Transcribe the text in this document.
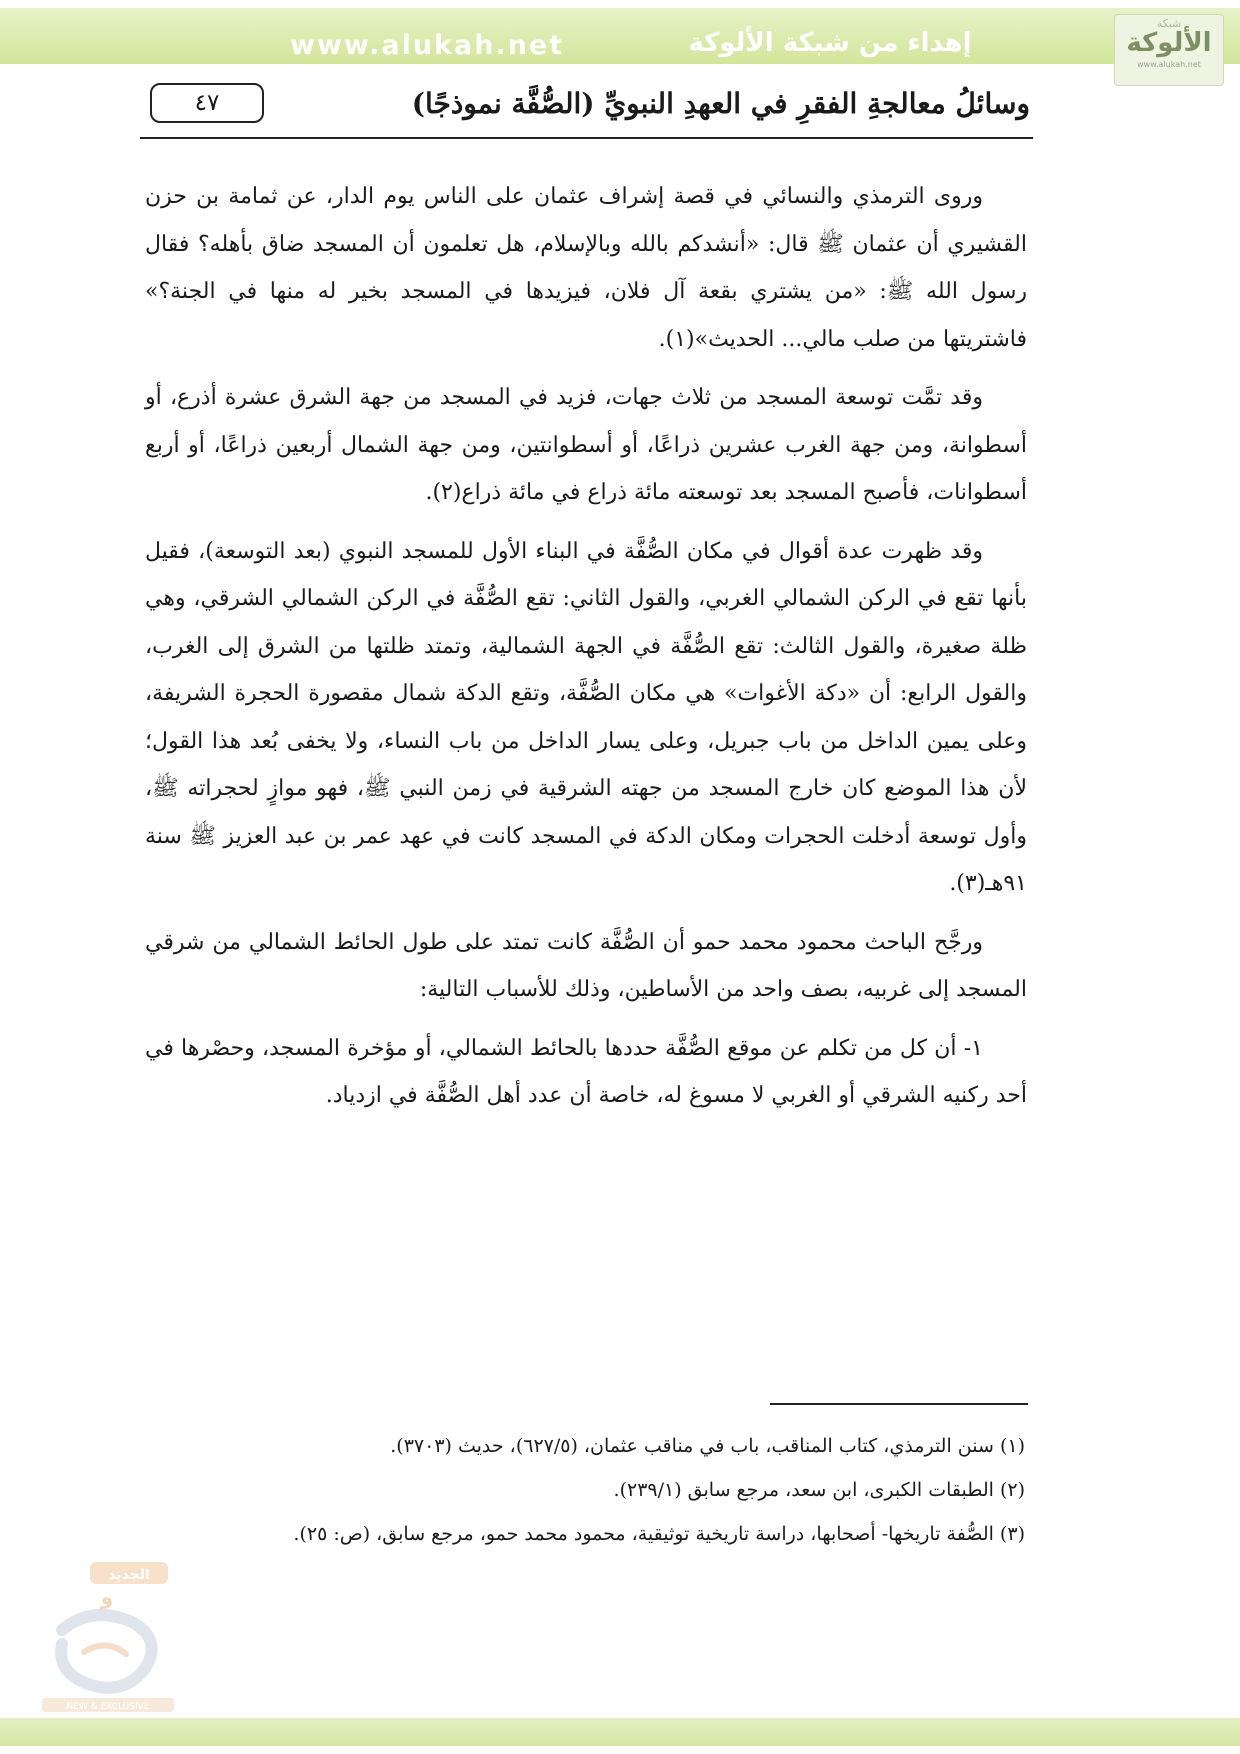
www.alukah.net	إهداء من شبكة الألوكة
شبكة
الألوكة
www.alukah.net
٤٧	وسائلُ معالجةِ الفقرِ في العهدِ النبويِّ (الصُّفَّة نموذجًا)

وروى الترمذي والنسائي في قصة إشراف عثمان على الناس يوم الدار، عن ثمامة بن حزن القشيري أن عثمان ﷺ قال: «أنشدكم بالله وبالإسلام، هل تعلمون أن المسجد ضاق بأهله؟ فقال رسول الله ﷺ: «من يشتري بقعة آل فلان، فيزيدها في المسجد بخير له منها في الجنة؟» فاشتريتها من صلب مالي... الحديث»(١).

وقد تمَّت توسعة المسجد من ثلاث جهات، فزيد في المسجد من جهة الشرق عشرة أذرع، أو أسطوانة، ومن جهة الغرب عشرين ذراعًا، أو أسطوانتين، ومن جهة الشمال أربعين ذراعًا، أو أربع أسطوانات، فأصبح المسجد بعد توسعته مائة ذراع في مائة ذراع(٢).

وقد ظهرت عدة أقوال في مكان الصُّفَّة في البناء الأول للمسجد النبوي (بعد التوسعة)، فقيل بأنها تقع في الركن الشمالي الغربي، والقول الثاني: تقع الصُّفَّة في الركن الشمالي الشرقي، وهي ظلة صغيرة، والقول الثالث: تقع الصُّفَّة في الجهة الشمالية، وتمتد ظلتها من الشرق إلى الغرب، والقول الرابع: أن «دكة الأغوات» هي مكان الصُّفَّة، وتقع الدكة شمال مقصورة الحجرة الشريفة، وعلى يمين الداخل من باب جبريل، وعلى يسار الداخل من باب النساء، ولا يخفى بُعد هذا القول؛ لأن هذا الموضع كان خارج المسجد من جهته الشرقية في زمن النبي ﷺ، فهو موازٍ لحجراته ﷺ، وأول توسعة أدخلت الحجرات ومكان الدكة في المسجد كانت في عهد عمر بن عبد العزيز ﷺ سنة ٩١هـ(٣).

ورجَّح الباحث محمود محمد حمو أن الصُّفَّة كانت تمتد على طول الحائط الشمالي من شرقي المسجد إلى غربيه، بصف واحد من الأساطين، وذلك للأسباب التالية:

١- أن كل من تكلم عن موقع الصُّفَّة حددها بالحائط الشمالي، أو مؤخرة المسجد، وحصْرها في أحد ركنيه الشرقي أو الغربي لا مسوغ له، خاصة أن عدد أهل الصُّفَّة في ازدياد.

(١) سنن الترمذي، كتاب المناقب، باب في مناقب عثمان، (٦٢٧/٥)، حديث (٣٧٠٣).
(٢) الطبقات الكبرى، ابن سعد، مرجع سابق (٢٣٩/١).
(٣) الصُّفة تاريخها- أصحابها، دراسة تاريخية توثيقية، محمود محمد حمو، مرجع سابق، (ص: ٢٥).
الجديد
و
NEW & EXCLUSIVE
